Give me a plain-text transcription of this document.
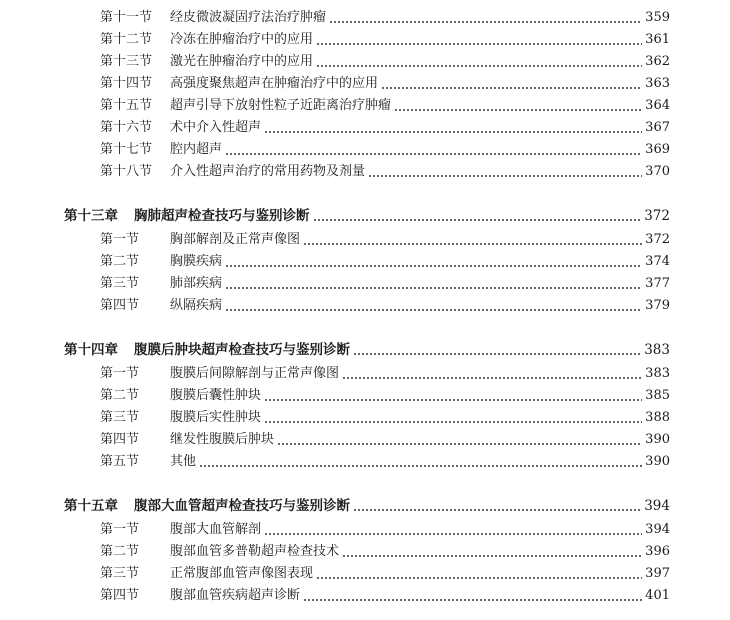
第十一节	经皮微波凝固疗法治疗肿瘤	359
第十二节	冷冻在肿瘤治疗中的应用	361
第十三节	激光在肿瘤治疗中的应用	362
第十四节	高强度聚焦超声在肿瘤治疗中的应用	363
第十五节	超声引导下放射性粒子近距离治疗肿瘤	364
第十六节	术中介入性超声	367
第十七节	腔内超声	369
第十八节	介入性超声治疗的常用药物及剂量	370
第十三章	胸肺超声检查技巧与鉴别诊断	372
第一节	胸部解剖及正常声像图	372
第二节	胸膜疾病	374
第三节	肺部疾病	377
第四节	纵隔疾病	379
第十四章	腹膜后肿块超声检查技巧与鉴别诊断	383
第一节	腹膜后间隙解剖与正常声像图	383
第二节	腹膜后囊性肿块	385
第三节	腹膜后实性肿块	388
第四节	继发性腹膜后肿块	390
第五节	其他	390
第十五章	腹部大血管超声检查技巧与鉴别诊断	394
第一节	腹部大血管解剖	394
第二节	腹部血管多普勒超声检查技术	396
第三节	正常腹部血管声像图表现	397
第四节	腹部血管疾病超声诊断	401
